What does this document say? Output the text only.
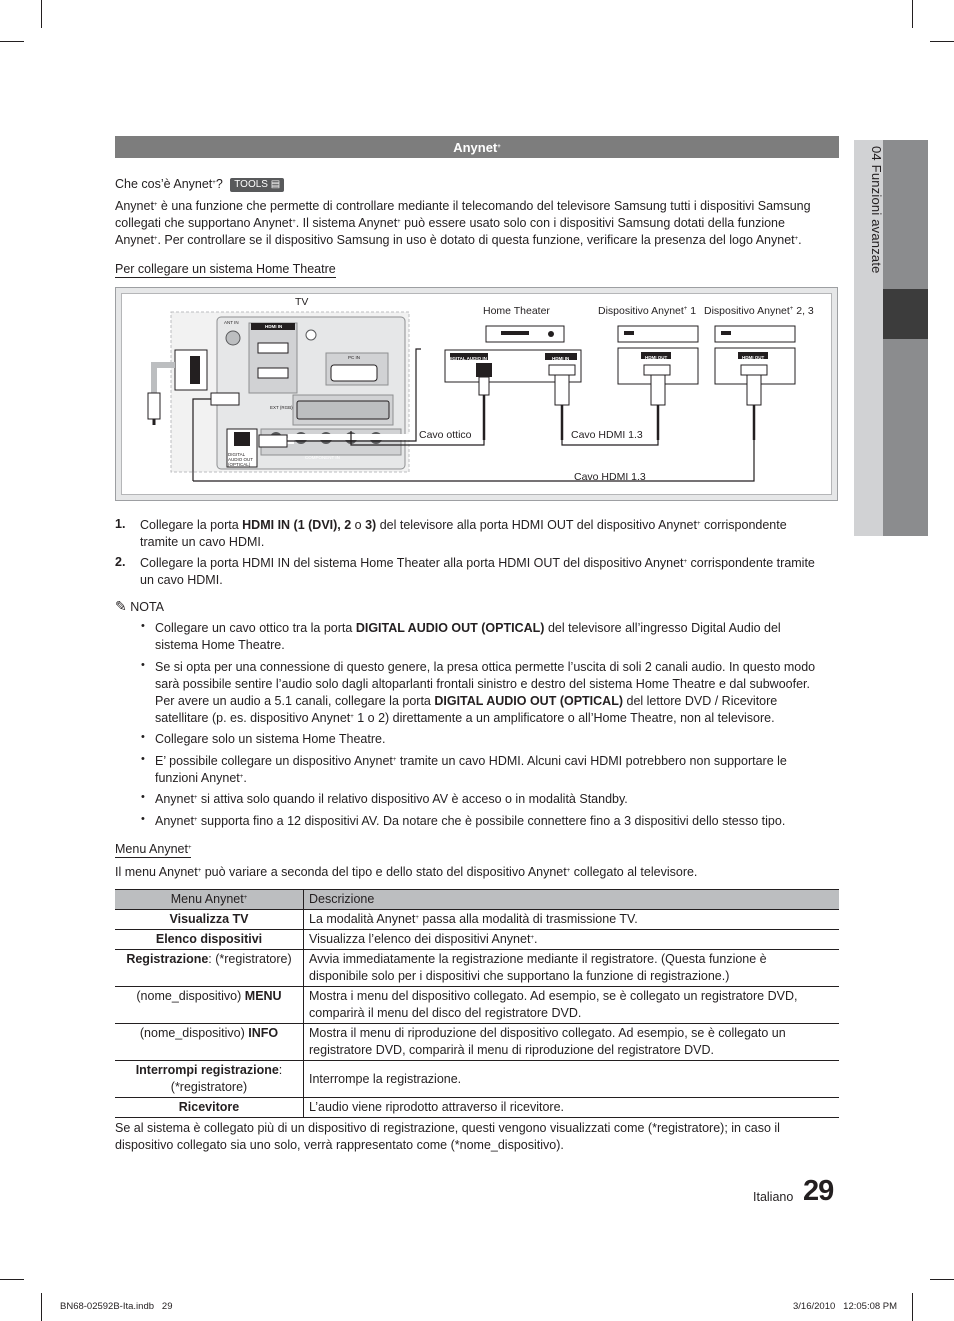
04 Funzioni avanzate
Anynet+
Che cos’è Anynet+? TOOLS ▤
Anynet+ è una funzione che permette di controllare mediante il telecomando del televisore Samsung tutti i dispositivi Samsung
collegati che supportano Anynet+. Il sistema Anynet+ può essere usato solo con i dispositivi Samsung dotati della funzione
Anynet+. Per controllare se il dispositivo Samsung in uso è dotato di questa funzione, verificare la presenza del logo Anynet+.
Per collegare un sistema Home Theatre
TV
Home Theater	Dispositivo Anynet+ 1 Dispositivo Anynet+ 2, 3
Cavo ottico	Cavo HDMI 1.3
Cavo HDMI 1.3
DIGITAL AUDIO IN	HDMI IN	HDMI OUT	HDMI OUT
HDMI IN
DIGITAL AUDIO OUT (OPTICAL)
COMPONENT IN
PC IN
EXT (RGB)
ANT IN
1. Collegare la porta HDMI IN (1 (DVI), 2 o 3) del televisore alla porta HDMI OUT del dispositivo Anynet+ corrispondente
tramite un cavo HDMI.
2. Collegare la porta HDMI IN del sistema Home Theater alla porta HDMI OUT del dispositivo Anynet+ corrispondente tramite
un cavo HDMI.
✎ NOTA
• Collegare un cavo ottico tra la porta DIGITAL AUDIO OUT (OPTICAL) del televisore all’ingresso Digital Audio del
sistema Home Theatre.
• Se si opta per una connessione di questo genere, la presa ottica permette l’uscita di soli 2 canali audio. In questo modo
sarà possibile sentire l’audio solo dagli altoparlanti frontali sinistro e destro del sistema Home Theatre e dal subwoofer.
Per avere un audio a 5.1 canali, collegare la porta DIGITAL AUDIO OUT (OPTICAL) del lettore DVD / Ricevitore
satellitare (p. es. dispositivo Anynet+ 1 o 2) direttamente a un amplificatore o all’Home Theatre, non al televisore.
• Collegare solo un sistema Home Theatre.
• E’ possibile collegare un dispositivo Anynet+ tramite un cavo HDMI. Alcuni cavi HDMI potrebbero non supportare le
funzioni Anynet+.
• Anynet+ si attiva solo quando il relativo dispositivo AV è acceso o in modalità Standby.
• Anynet+ supporta fino a 12 dispositivi AV. Da notare che è possibile connettere fino a 3 dispositivi dello stesso tipo.
Menu Anynet+
Il menu Anynet+ può variare a seconda del tipo e dello stato del dispositivo Anynet+ collegato al televisore.
Menu Anynet+	Descrizione
Visualizza TV	La modalità Anynet+ passa alla modalità di trasmissione TV.
Elenco dispositivi	Visualizza l’elenco dei dispositivi Anynet+.
Registrazione: (*registratore)	Avvia immediatamente la registrazione mediante il registratore. (Questa funzione è
disponibile solo per i dispositivi che supportano la funzione di registrazione.)

(nome_dispositivo) MENU	Mostra i menu del dispositivo collegato. Ad esempio, se è collegato un registratore DVD,
comparirà il menu del disco del registratore DVD.

(nome_dispositivo) INFO	Mostra il menu di riproduzione del dispositivo collegato. Ad esempio, se è collegato un
registratore DVD, comparirà il menu di riproduzione del registratore DVD.

Interrompi registrazione:
(*registratore)	Interrompe la registrazione.
Ricevitore	L’audio viene riprodotto attraverso il ricevitore.
Se al sistema è collegato più di un dispositivo di registrazione, questi vengono visualizzati come (*registratore); in caso il
dispositivo collegato sia uno solo, verrà rappresentato come (*nome_dispositivo).
Italiano 29
BN68-02592B-Ita.indb   29	3/16/2010   12:05:08 PM
